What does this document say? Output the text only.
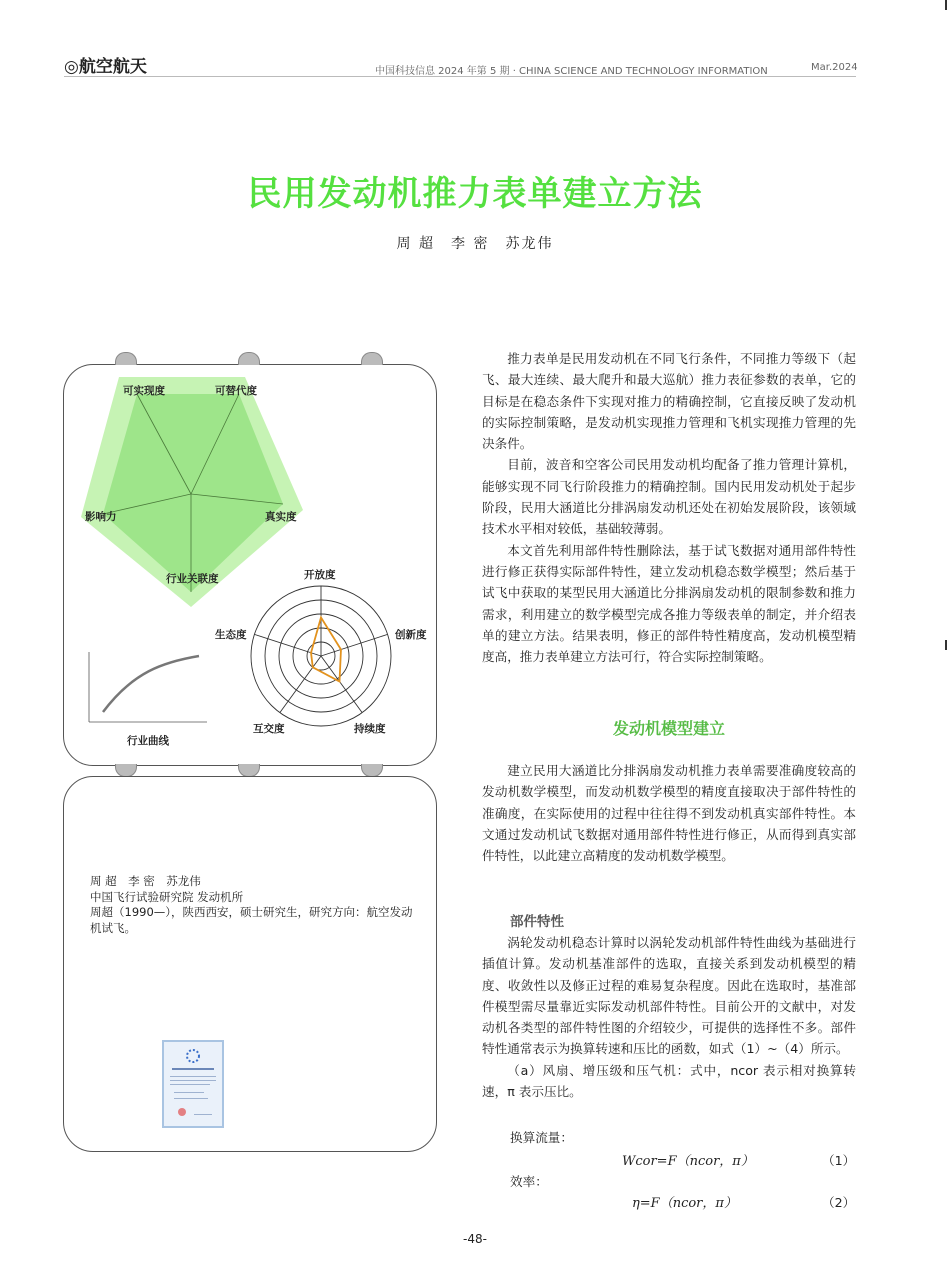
◎航空航天	中国科技信息 2024 年第 5 期 · CHINA SCIENCE AND TECHNOLOGY INFORMATION	Mar.2024
民用发动机推力表单建立方法
周 超　李 密　苏龙伟
可实现度	可替代度
真实度
行业关联度
影响力
行业曲线
开放度
创新度
持续度
互交度
生态度
周 超　李 密　苏龙伟
中国飞行试验研究院 发动机所
周超（1990—），陕西西安，硕士研究生，研究方向：航空发动机试飞。

推力表单是民用发动机在不同飞行条件，不同推力等级下（起飞、最大连续、最大爬升和最大巡航）推力表征参数的表单，它的目标是在稳态条件下实现对推力的精确控制，它直接反映了发动机的实际控制策略，是发动机实现推力管理和飞机实现推力管理的先决条件。

目前，波音和空客公司民用发动机均配备了推力管理计算机，能够实现不同飞行阶段推力的精确控制。国内民用发动机处于起步阶段，民用大涵道比分排涡扇发动机还处在初始发展阶段，该领域技术水平相对较低，基础较薄弱。

本文首先利用部件特性删除法，基于试飞数据对通用部件特性进行修正获得实际部件特性，建立发动机稳态数学模型；然后基于试飞中获取的某型民用大涵道比分排涡扇发动机的限制参数和推力需求，利用建立的数学模型完成各推力等级表单的制定，并介绍表单的建立方法。结果表明，修正的部件特性精度高，发动机模型精度高，推力表单建立方法可行，符合实际控制策略。

发动机模型建立

建立民用大涵道比分排涡扇发动机推力表单需要准确度较高的发动机数学模型，而发动机数学模型的精度直接取决于部件特性的准确度，在实际使用的过程中往往得不到发动机真实部件特性。本文通过发动机试飞数据对通用部件特性进行修正，从而得到真实部件特性，以此建立高精度的发动机数学模型。

部件特性

涡轮发动机稳态计算时以涡轮发动机部件特性曲线为基础进行插值计算。发动机基准部件的选取，直接关系到发动机模型的精度、收敛性以及修正过程的难易复杂程度。因此在选取时，基准部件模型需尽量靠近实际发动机部件特性。目前公开的文献中，对发动机各类型的部件特性图的介绍较少，可提供的选择性不多。部件特性通常表示为换算转速和压比的函数，如式（1）~（4）所示。

（a）风扇、增压级和压气机：式中，ncor 表示相对换算转速，π 表示压比。

换算流量：
Wcor=F（ncor，π）	（1）
效率：
η=F（ncor，π）	（2）
-48-
